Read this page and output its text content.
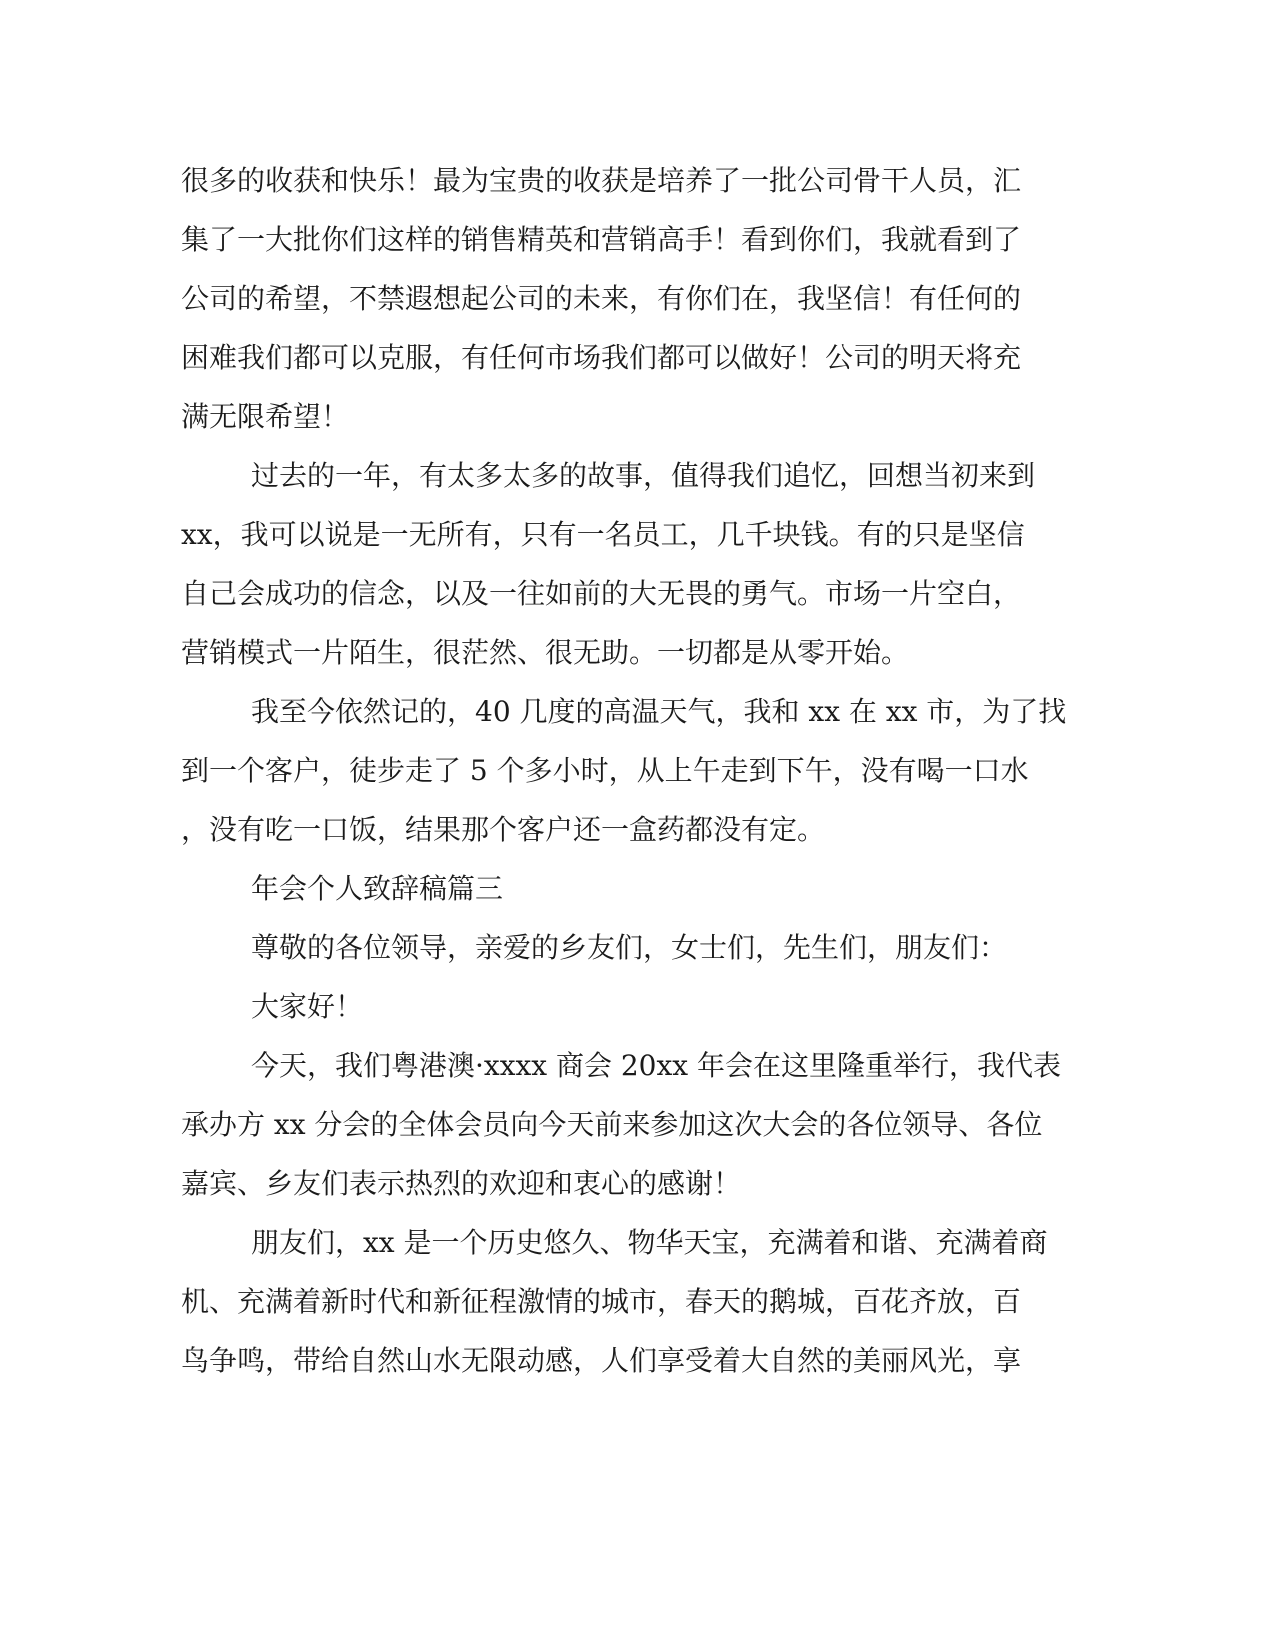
很多的收获和快乐！最为宝贵的收获是培养了一批公司骨干人员，汇
集了一大批你们这样的销售精英和营销高手！看到你们，我就看到了
公司的希望，不禁遐想起公司的未来，有你们在，我坚信！有任何的
困难我们都可以克服，有任何市场我们都可以做好！公司的明天将充
满无限希望！
过去的一年，有太多太多的故事，值得我们追忆，回想当初来到
xx，我可以说是一无所有，只有一名员工，几千块钱。有的只是坚信
自己会成功的信念，以及一往如前的大无畏的勇气。市场一片空白，
营销模式一片陌生，很茫然、很无助。一切都是从零开始。
我至今依然记的，40 几度的高温天气，我和 xx 在 xx 市，为了找
到一个客户，徒步走了 5 个多小时，从上午走到下午，没有喝一口水
，没有吃一口饭，结果那个客户还一盒药都没有定。
年会个人致辞稿篇三
尊敬的各位领导，亲爱的乡友们，女士们，先生们，朋友们：
大家好！
今天，我们粤港澳·xxxx 商会 20xx 年会在这里隆重举行，我代表
承办方 xx 分会的全体会员向今天前来参加这次大会的各位领导、各位
嘉宾、乡友们表示热烈的欢迎和衷心的感谢！
朋友们，xx 是一个历史悠久、物华天宝，充满着和谐、充满着商
机、充满着新时代和新征程激情的城市，春天的鹅城，百花齐放，百
鸟争鸣，带给自然山水无限动感，人们享受着大自然的美丽风光，享
